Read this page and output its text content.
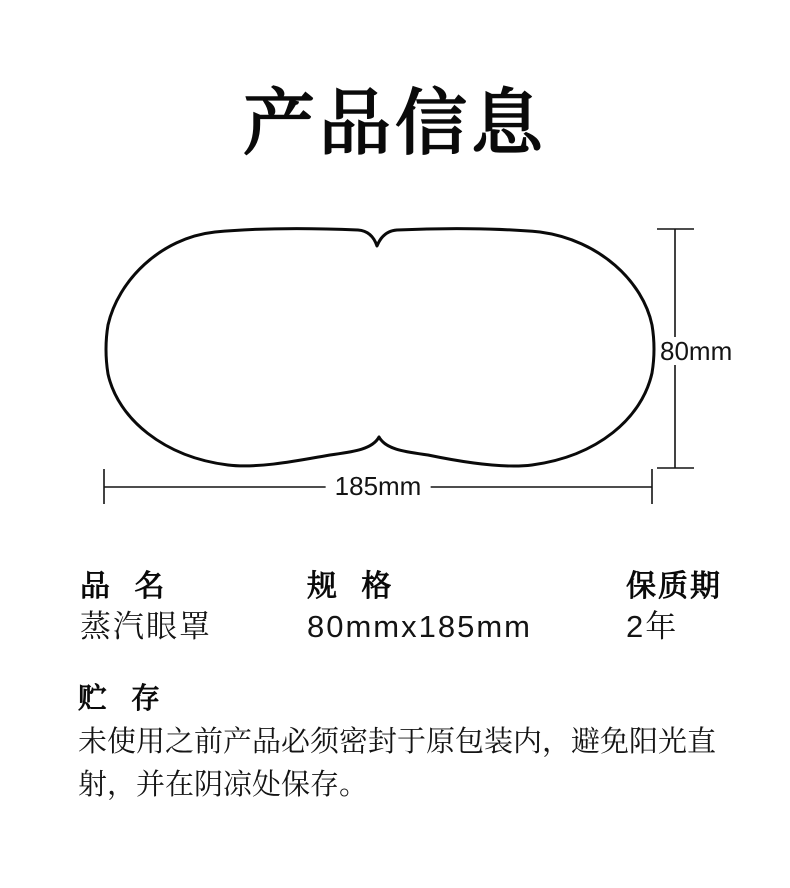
产品信息
185mm
80mm
品 名
蒸汽眼罩
规 格
80mmx185mm
保质期
2年
贮 存
未使用之前产品必须密封于原包装内，避免阳光直射，并在阴凉处保存。
